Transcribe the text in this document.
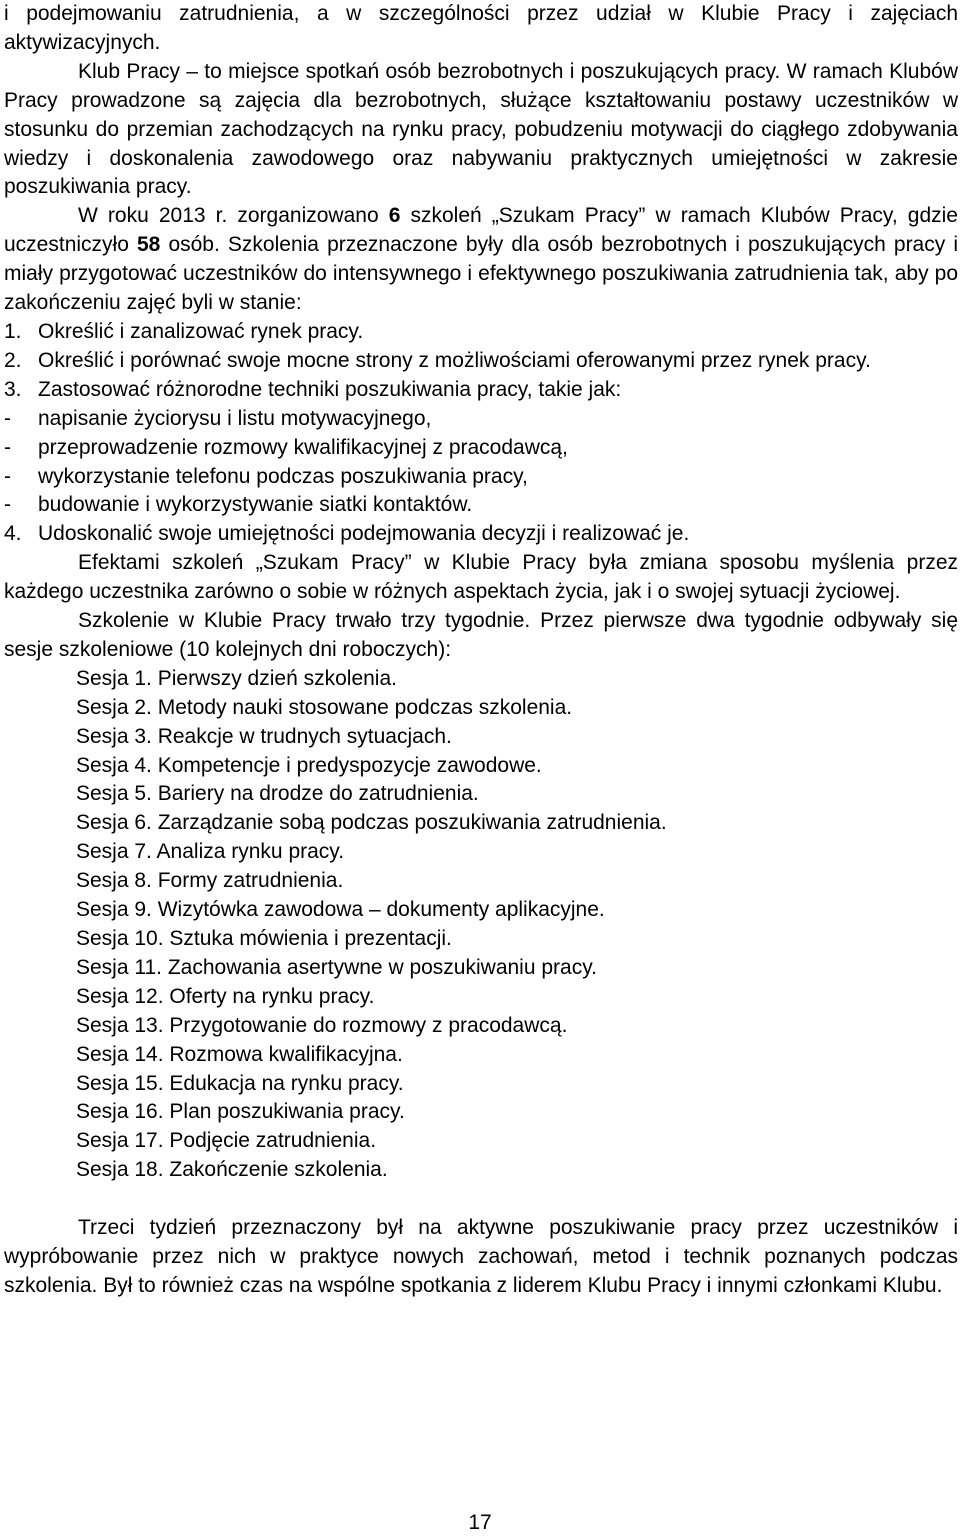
i podejmowaniu zatrudnienia, a w szczególności przez udział w Klubie Pracy i zajęciach aktywizacyjnych.

Klub Pracy – to miejsce spotkań osób bezrobotnych i poszukujących pracy. W ramach Klubów Pracy prowadzone są zajęcia dla bezrobotnych, służące kształtowaniu postawy uczestników w stosunku do przemian zachodzących na rynku pracy, pobudzeniu motywacji do ciągłego zdobywania wiedzy i doskonalenia zawodowego oraz nabywaniu praktycznych umiejętności w zakresie poszukiwania pracy.

W roku 2013 r. zorganizowano 6 szkoleń „Szukam Pracy” w ramach Klubów Pracy, gdzie uczestniczyło 58 osób. Szkolenia przeznaczone były dla osób bezrobotnych i poszukujących pracy i miały przygotować uczestników do intensywnego i efektywnego poszukiwania zatrudnienia tak, aby po zakończeniu zajęć byli w stanie:

1. Określić i zanalizować rynek pracy.

2. Określić i porównać swoje mocne strony z możliwościami oferowanymi przez rynek pracy.

3. Zastosować różnorodne techniki poszukiwania pracy, takie jak:

- napisanie życiorysu i listu motywacyjnego,

- przeprowadzenie rozmowy kwalifikacyjnej z pracodawcą,

- wykorzystanie telefonu podczas poszukiwania pracy,

- budowanie i wykorzystywanie siatki kontaktów.

4. Udoskonalić swoje umiejętności podejmowania decyzji i realizować je.

Efektami szkoleń „Szukam Pracy” w Klubie Pracy była zmiana sposobu myślenia przez każdego uczestnika zarówno o sobie w różnych aspektach życia, jak i o swojej sytuacji życiowej.

Szkolenie w Klubie Pracy trwało trzy tygodnie. Przez pierwsze dwa tygodnie odbywały się sesje szkoleniowe (10 kolejnych dni roboczych):

Sesja 1. Pierwszy dzień szkolenia.

Sesja 2. Metody nauki stosowane podczas szkolenia.

Sesja 3. Reakcje w trudnych sytuacjach.

Sesja 4. Kompetencje i predyspozycje zawodowe.

Sesja 5. Bariery na drodze do zatrudnienia.

Sesja 6. Zarządzanie sobą podczas poszukiwania zatrudnienia.

Sesja 7. Analiza rynku pracy.

Sesja 8. Formy zatrudnienia.

Sesja 9. Wizytówka zawodowa – dokumenty aplikacyjne.

Sesja 10. Sztuka mówienia i prezentacji.

Sesja 11. Zachowania asertywne w poszukiwaniu pracy.

Sesja 12. Oferty na rynku pracy.

Sesja 13. Przygotowanie do rozmowy z pracodawcą.

Sesja 14. Rozmowa kwalifikacyjna.

Sesja 15. Edukacja na rynku pracy.

Sesja 16. Plan poszukiwania pracy.

Sesja 17. Podjęcie zatrudnienia.

Sesja 18. Zakończenie szkolenia.

Trzeci tydzień przeznaczony był na aktywne poszukiwanie pracy przez uczestników i wypróbowanie przez nich w praktyce nowych zachowań, metod i technik poznanych podczas szkolenia. Był to również czas na wspólne spotkania z liderem Klubu Pracy i innymi członkami Klubu.

17
